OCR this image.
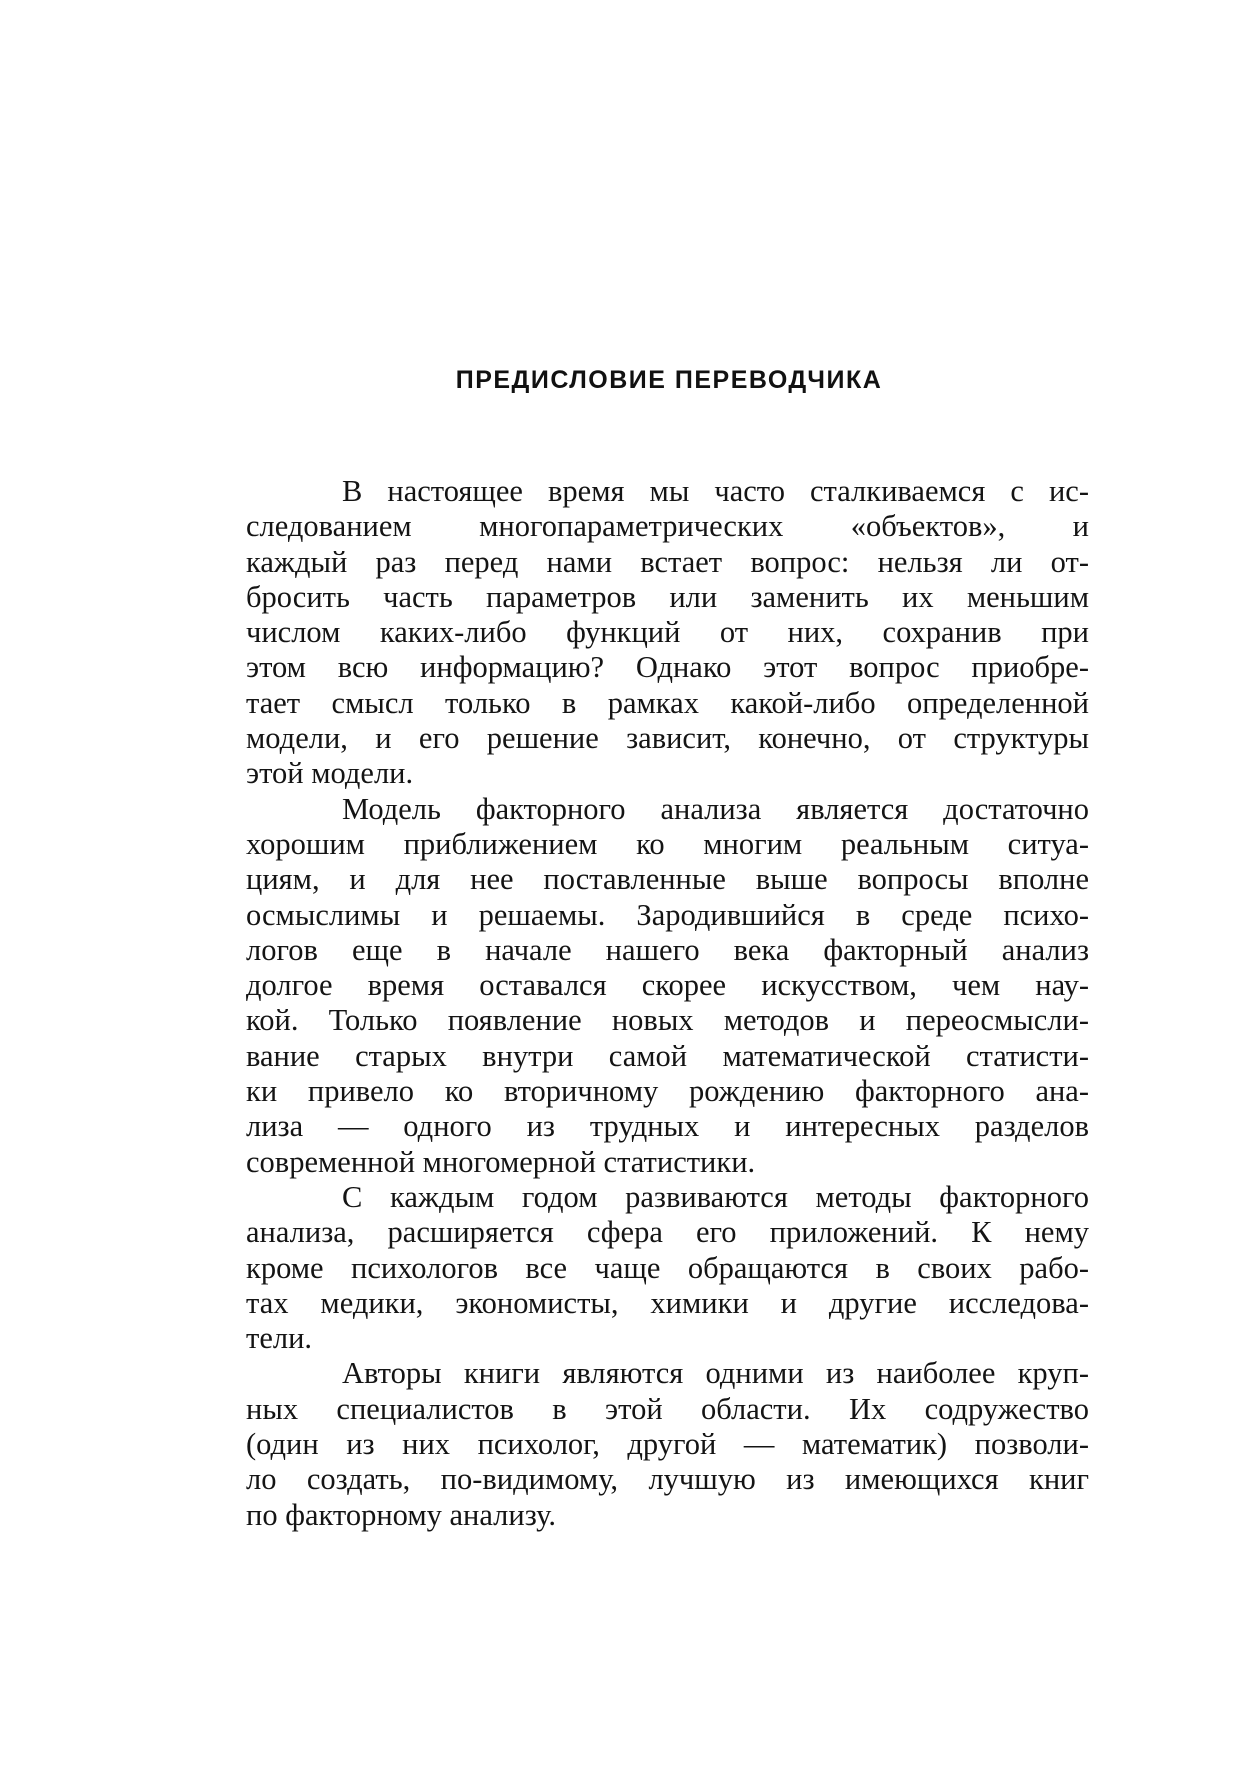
ПРЕДИСЛОВИЕ ПЕРЕВОДЧИКА

В настоящее время мы часто сталкиваемся с ис-
следованием многопараметрических «объектов», и
каждый раз перед нами встает вопрос: нельзя ли от-
бросить часть параметров или заменить их меньшим
числом каких-либо функций от них, сохранив при
этом всю информацию? Однако этот вопрос приобре-
тает смысл только в рамках какой-либо определенной
модели, и его решение зависит, конечно, от структуры
этой модели.

Модель факторного анализа является достаточно
хорошим приближением ко многим реальным ситуа-
циям, и для нее поставленные выше вопросы вполне
осмыслимы и решаемы. Зародившийся в среде психо-
логов еще в начале нашего века факторный анализ
долгое время оставался скорее искусством, чем нау-
кой. Только появление новых методов и переосмысли-
вание старых внутри самой математической статисти-
ки привело ко вторичному рождению факторного ана-
лиза — одного из трудных и интересных разделов
современной многомерной статистики.

С каждым годом развиваются методы факторного
анализа, расширяется сфера его приложений. К нему
кроме психологов все чаще обращаются в своих рабо-
тах медики, экономисты, химики и другие исследова-
тели.

Авторы книги являются одними из наиболее круп-
ных специалистов в этой области. Их содружество
(один из них психолог, другой — математик) позволи-
ло создать, по-видимому, лучшую из имеющихся книг
по факторному анализу.
